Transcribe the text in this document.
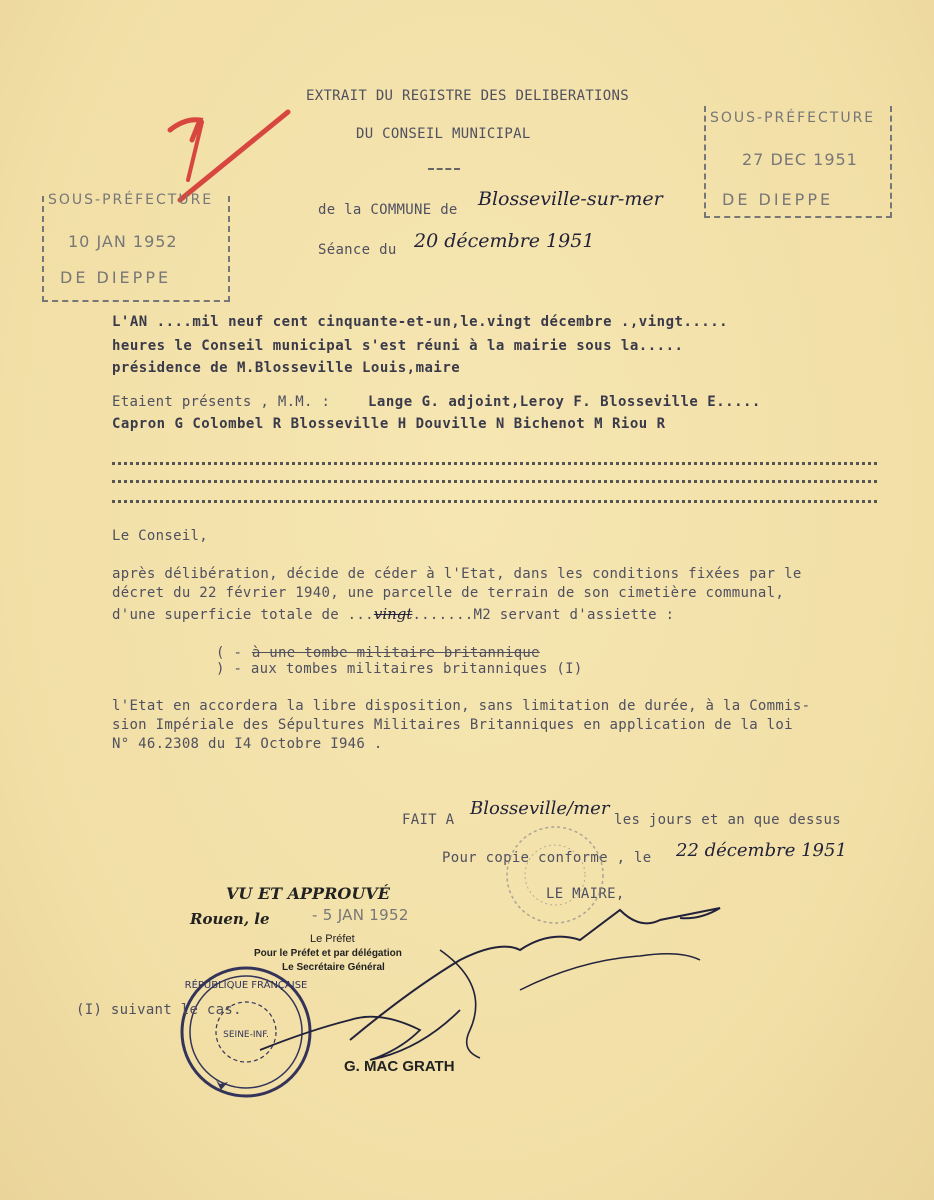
EXTRAIT DU REGISTRE DES DELIBERATIONS
DU CONSEIL MUNICIPAL
de la COMMUNE de Blosseville-sur-mer
Séance du 20 décembre 1951
SOUS-PRÉFECTURE
10 JAN 1952
DE DIEPPE
SOUS-PRÉFECTURE
27 DEC 1951
DE DIEPPE
L'AN ....mil neuf cent cinquante-et-un,le.vingt décembre .,vingt.....
heures le Conseil municipal s'est réuni à la mairie sous la.....
présidence de M.Blosseville Louis,maire
Etaient présents , M.M. :	Lange G. adjoint,Leroy F. Blosseville E.....
Capron G Colombel R Blosseville H Douville N Bichenot M Riou R
Le Conseil,
après délibération, décide de céder à l'Etat, dans les conditions fixées par le
décret du 22 février 1940, une parcelle de terrain de son cimetière communal,
d'une superficie totale de ...vingt.......M2 servant d'assiette :
( - à une tombe militaire britannique
) - aux tombes militaires britanniques (I)
l'Etat en accordera la libre disposition, sans limitation de durée, à la Commis-
sion Impériale des Sépultures Militaires Britanniques en application de la loi
N° 46.2308 du I4 Octobre I946 .
FAIT A
Blosseville/mer
les jours et an que dessus
Pour copie conforme , le 22 décembre 1951
LE MAIRE,
VU ET APPROUVÉ
Rouen, le	- 5 JAN 1952
Le Préfet
Pour le Préfet et par délégation
Le Secrétaire Général
RÉPUBLIQUE FRANÇAISE
SEINE-INF.
G. MAC GRATH
(I) suivant le cas.
